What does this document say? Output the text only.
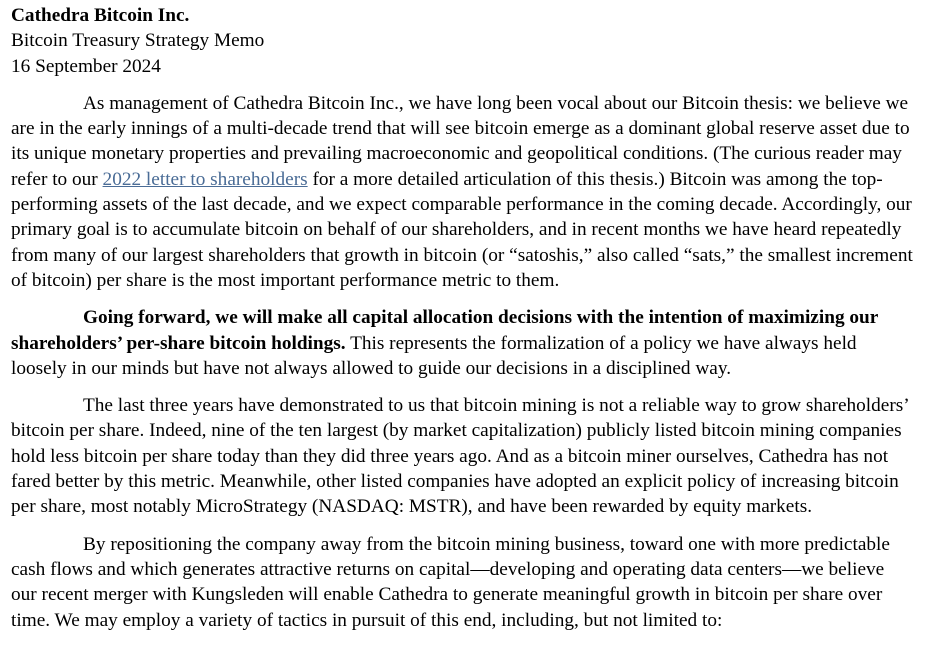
Cathedra Bitcoin Inc.
Bitcoin Treasury Strategy Memo
16 September 2024
As management of Cathedra Bitcoin Inc., we have long been vocal about our Bitcoin thesis: we believe we
are in the early innings of a multi-decade trend that will see bitcoin emerge as a dominant global reserve asset due to
its unique monetary properties and prevailing macroeconomic and geopolitical conditions. (The curious reader may
refer to our 2022 letter to shareholders for a more detailed articulation of this thesis.) Bitcoin was among the top-
performing assets of the last decade, and we expect comparable performance in the coming decade. Accordingly, our
primary goal is to accumulate bitcoin on behalf of our shareholders, and in recent months we have heard repeatedly
from many of our largest shareholders that growth in bitcoin (or “satoshis,” also called “sats,” the smallest increment
of bitcoin) per share is the most important performance metric to them.
Going forward, we will make all capital allocation decisions with the intention of maximizing our
shareholders’ per-share bitcoin holdings. This represents the formalization of a policy we have always held
loosely in our minds but have not always allowed to guide our decisions in a disciplined way.
The last three years have demonstrated to us that bitcoin mining is not a reliable way to grow shareholders’
bitcoin per share. Indeed, nine of the ten largest (by market capitalization) publicly listed bitcoin mining companies
hold less bitcoin per share today than they did three years ago. And as a bitcoin miner ourselves, Cathedra has not
fared better by this metric. Meanwhile, other listed companies have adopted an explicit policy of increasing bitcoin
per share, most notably MicroStrategy (NASDAQ: MSTR), and have been rewarded by equity markets.
By repositioning the company away from the bitcoin mining business, toward one with more predictable
cash flows and which generates attractive returns on capital—developing and operating data centers—we believe
our recent merger with Kungsleden will enable Cathedra to generate meaningful growth in bitcoin per share over
time. We may employ a variety of tactics in pursuit of this end, including, but not limited to:
